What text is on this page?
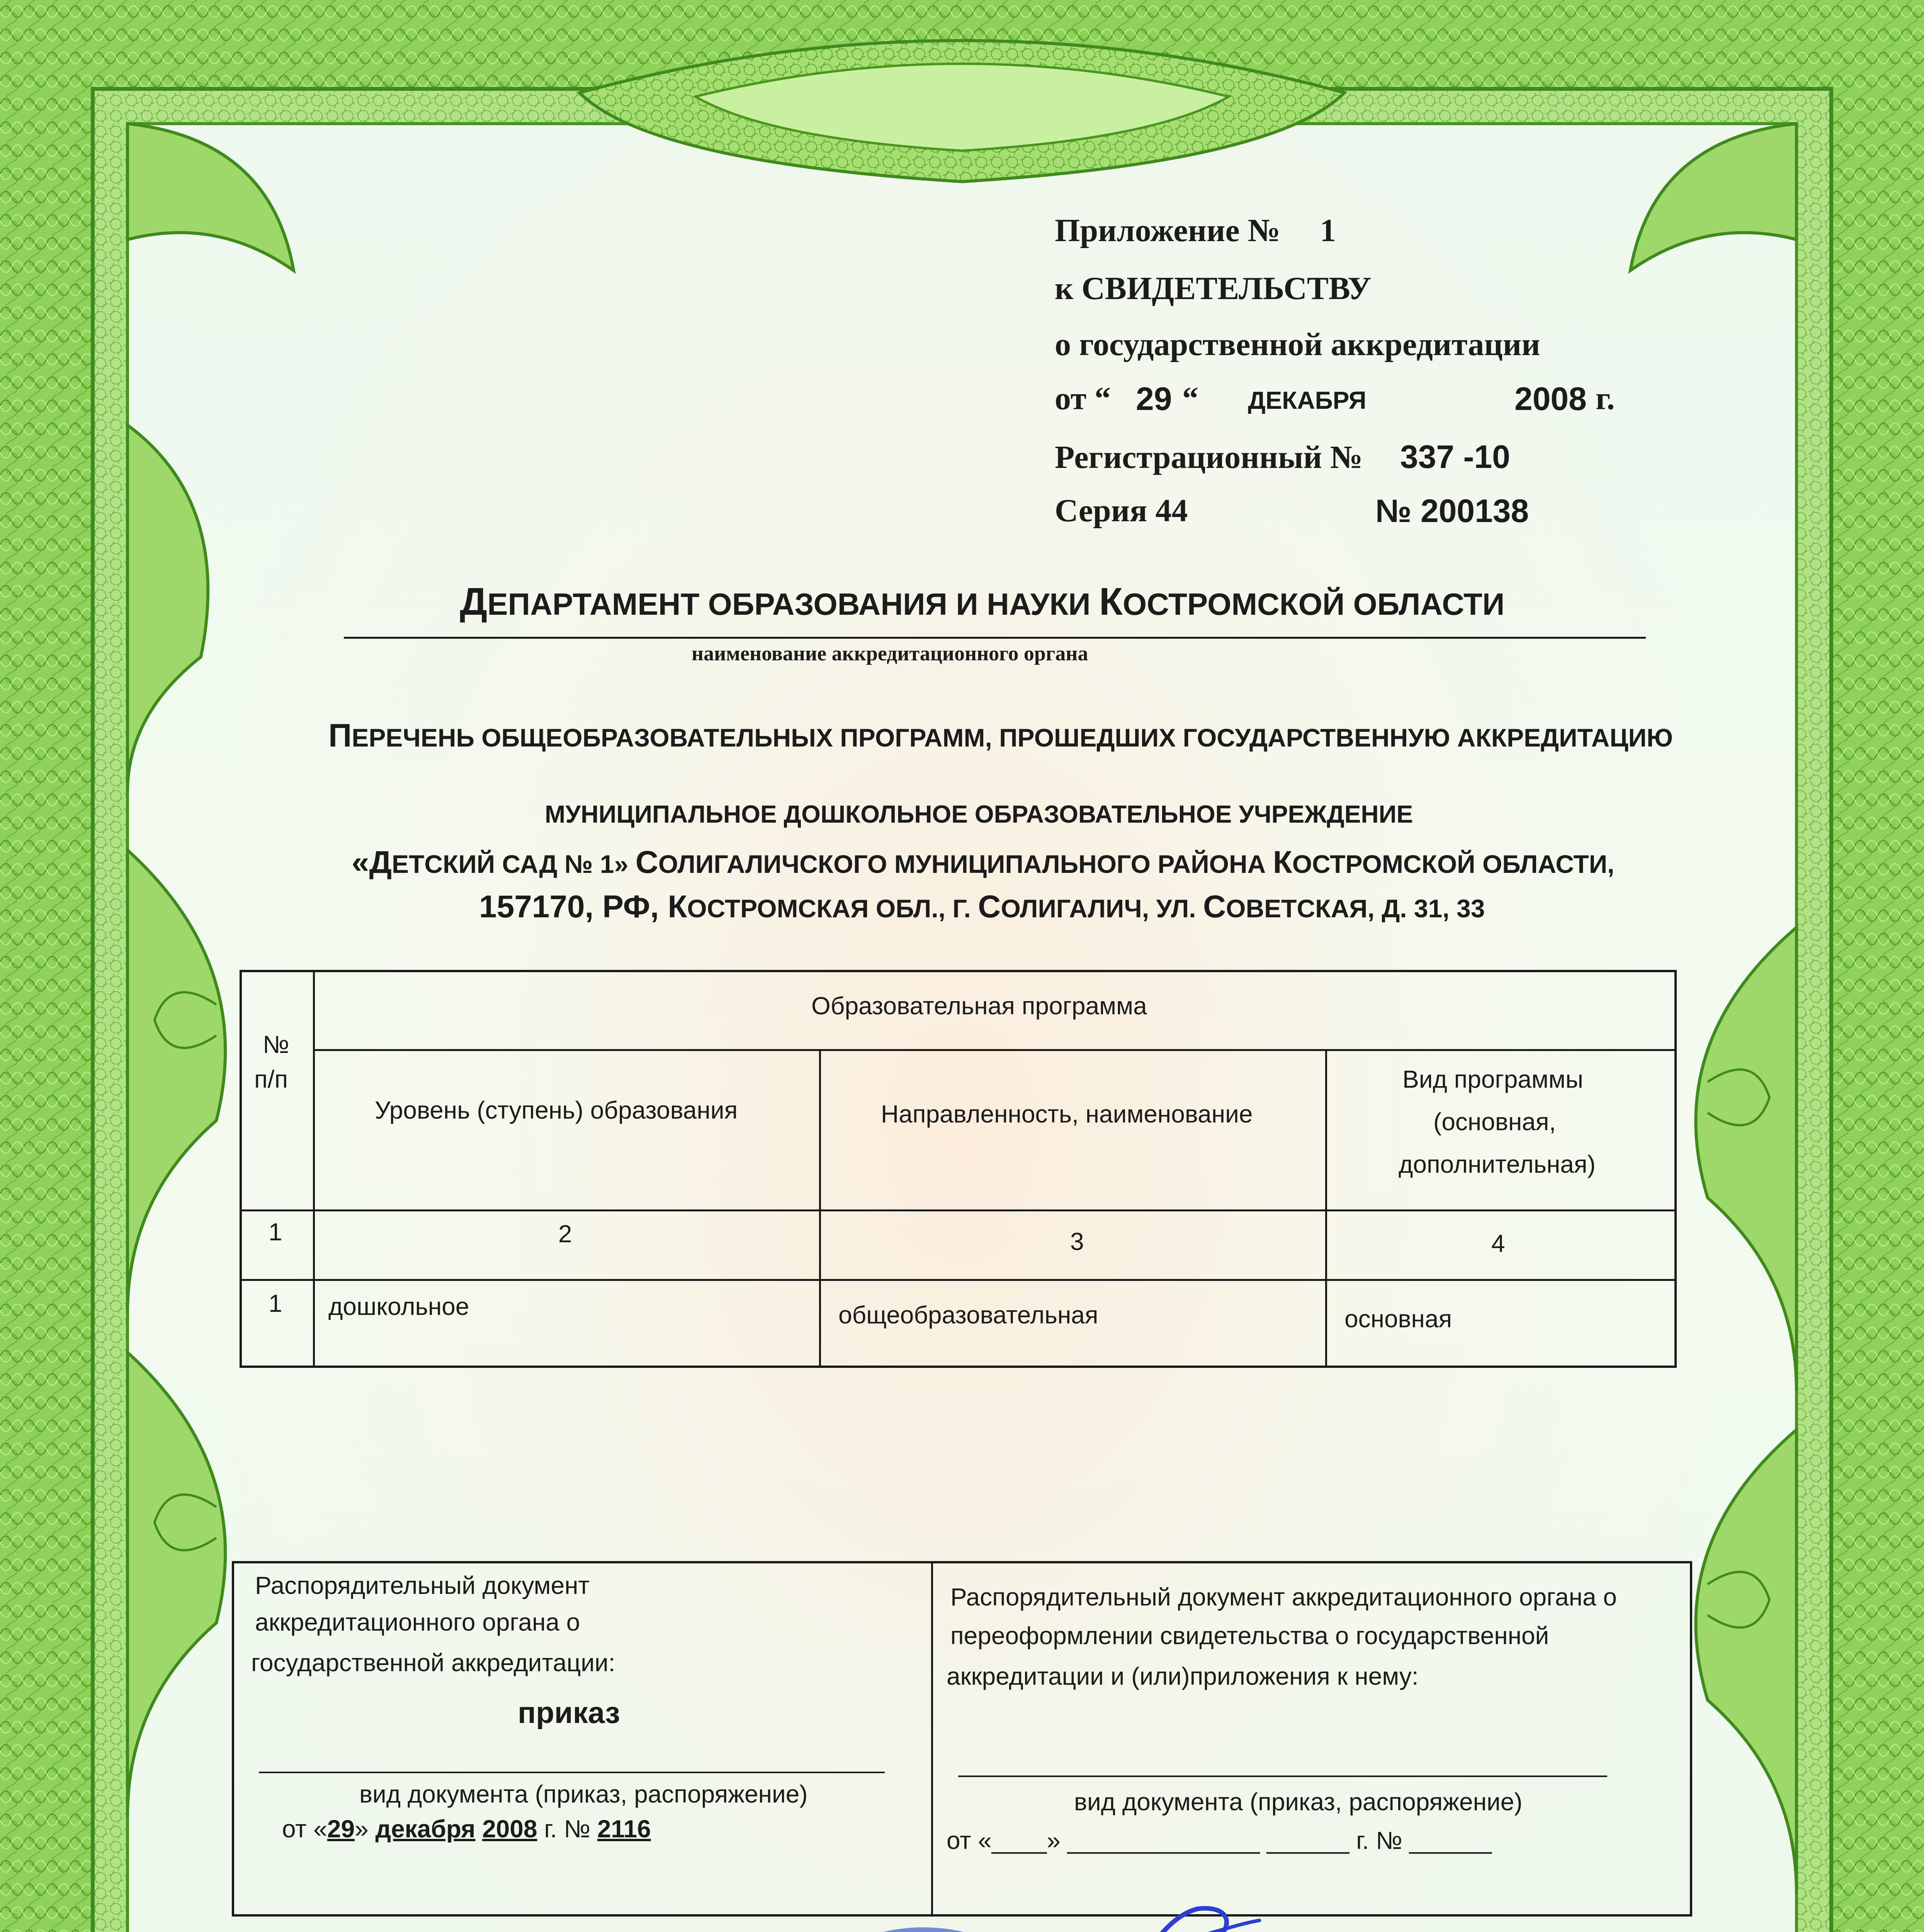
Приложение № 1
к СВИДЕТЕЛЬСТВУ
о государственной аккредитации
от “ 29 “ ДЕКАБРЯ	2008 г.
Регистрационный № 337 -10
Серия 44	№ 200138
ДЕПАРТАМЕНТ ОБРАЗОВАНИЯ И НАУКИ КОСТРОМСКОЙ ОБЛАСТИ
наименование аккредитационного органа
ПЕРЕЧЕНЬ ОБЩЕОБРАЗОВАТЕЛЬНЫХ ПРОГРАММ, ПРОШЕДШИХ ГОСУДАРСТВЕННУЮ АККРЕДИТАЦИЮ
МУНИЦИПАЛЬНОЕ ДОШКОЛЬНОЕ ОБРАЗОВАТЕЛЬНОЕ УЧРЕЖДЕНИЕ
«ДЕТСКИЙ САД № 1» СОЛИГАЛИЧСКОГО МУНИЦИПАЛЬНОГО РАЙОНА КОСТРОМСКОЙ ОБЛАСТИ,
157170, РФ, КОСТРОМСКАЯ ОБЛ., Г. СОЛИГАЛИЧ, УЛ. СОВЕТСКАЯ, Д. 31, 33
№
п/п
Образовательная программа
Уровень (ступень) образования	Направленность, наименование
Вид программы
(основная,
дополнительная)
1	2	3	4
1 дошкольное	общеобразовательная	основная
Распорядительный документ
аккредитационного органа о
государственной аккредитации:
приказ
вид документа (приказ, распоряжение)
от «29» декабря 2008 г. № 2116
Распорядительный документ аккредитационного органа о
переоформлении свидетельства о государственной
аккредитации и (или)приложения к нему:
вид документа (приказ, распоряжение)
от «____» ______________ ______ г. № ______
